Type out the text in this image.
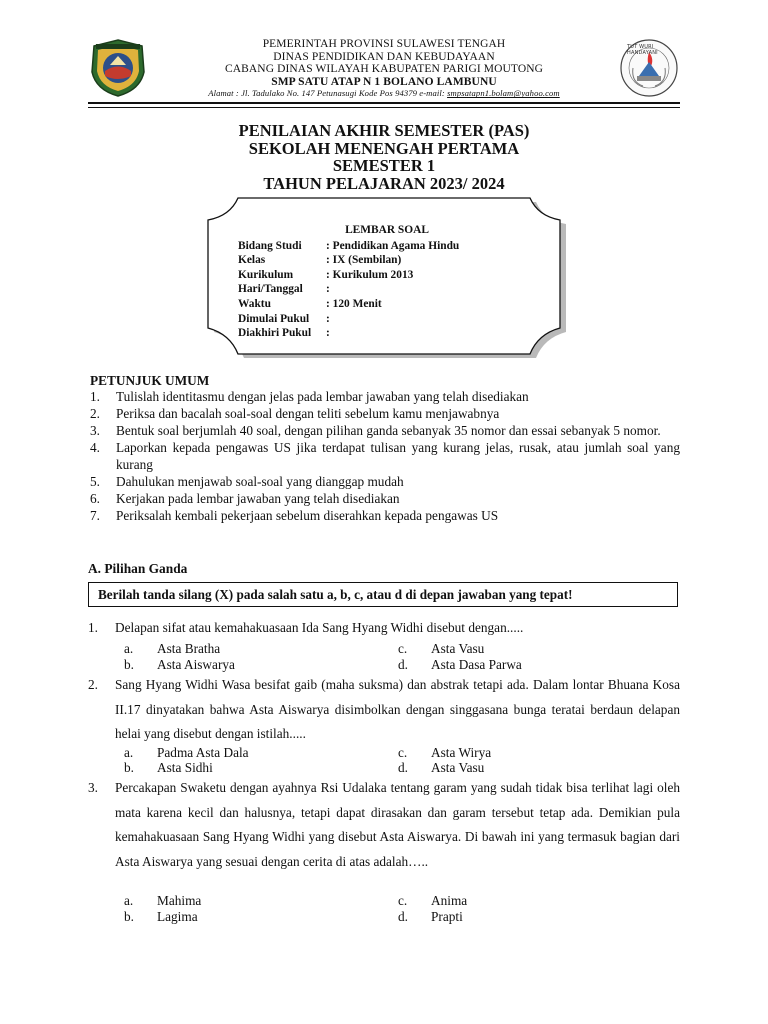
PEMERINTAH PROVINSI SULAWESI TENGAH
DINAS PENDIDIKAN DAN KEBUDAYAAN
CABANG DINAS WILAYAH KABUPATEN PARIGI MOUTONG
SMP SATU ATAP N 1 BOLANO LAMBUNU
Alamat : Jl. Tadulako No. 147 Petunasugi Kode Pos 94379 e-mail: smpsatapn1.bolam@yahoo.com
TUT WURI HANDAYANI
PENILAIAN AKHIR SEMESTER (PAS)
SEKOLAH MENENGAH PERTAMA
SEMESTER 1
TAHUN PELAJARAN 2023/ 2024
LEMBAR SOAL
Bidang Studi	: Pendidikan Agama Hindu
Kelas	: IX (Sembilan)
Kurikulum	: Kurikulum 2013
Hari/Tanggal	:
Waktu	: 120 Menit
Dimulai Pukul	:
Diakhiri Pukul	:
PETUNJUK UMUM
1.	Tulislah identitasmu dengan jelas pada lembar jawaban yang telah disediakan
2.	Periksa dan bacalah soal-soal dengan teliti sebelum kamu menjawabnya
3.	Bentuk soal berjumlah 40 soal, dengan pilihan ganda sebanyak 35 nomor dan essai sebanyak 5 nomor.
4.	Laporkan kepada pengawas US jika terdapat tulisan yang kurang jelas, rusak, atau jumlah soal yang kurang
5.	Dahulukan menjawab soal-soal yang dianggap mudah
6.	Kerjakan pada lembar jawaban yang telah disediakan
7.	Periksalah kembali pekerjaan sebelum diserahkan kepada pengawas US
A. Pilihan Ganda
Berilah tanda silang (X) pada salah satu a, b, c, atau d di depan jawaban yang tepat!
1. Delapan sifat atau kemahakuasaan Ida Sang Hyang Widhi disebut dengan.....
a. Asta Bratha	c. Asta Vasu
b. Asta Aiswarya	d. Asta Dasa Parwa
2. Sang Hyang Widhi Wasa besifat gaib (maha suksma) dan abstrak tetapi ada. Dalam lontar Bhuana Kosa II.17 dinyatakan bahwa Asta Aiswarya disimbolkan dengan singgasana bunga teratai berdaun delapan helai yang disebut dengan istilah.....
a. Padma Asta Dala	c. Asta Wirya
b. Asta Sidhi	d. Asta Vasu
3. Percakapan Swaketu dengan ayahnya Rsi Udalaka tentang garam yang sudah tidak bisa terlihat lagi oleh mata karena kecil dan halusnya, tetapi dapat dirasakan dan garam tersebut tetap ada. Demikian pula kemahakuasaan Sang Hyang Widhi yang disebut Asta Aiswarya. Di bawah ini yang termasuk bagian dari Asta Aiswarya yang sesuai dengan cerita di atas adalah…..
a. Mahima	c. Anima
b. Lagima	d. Prapti
